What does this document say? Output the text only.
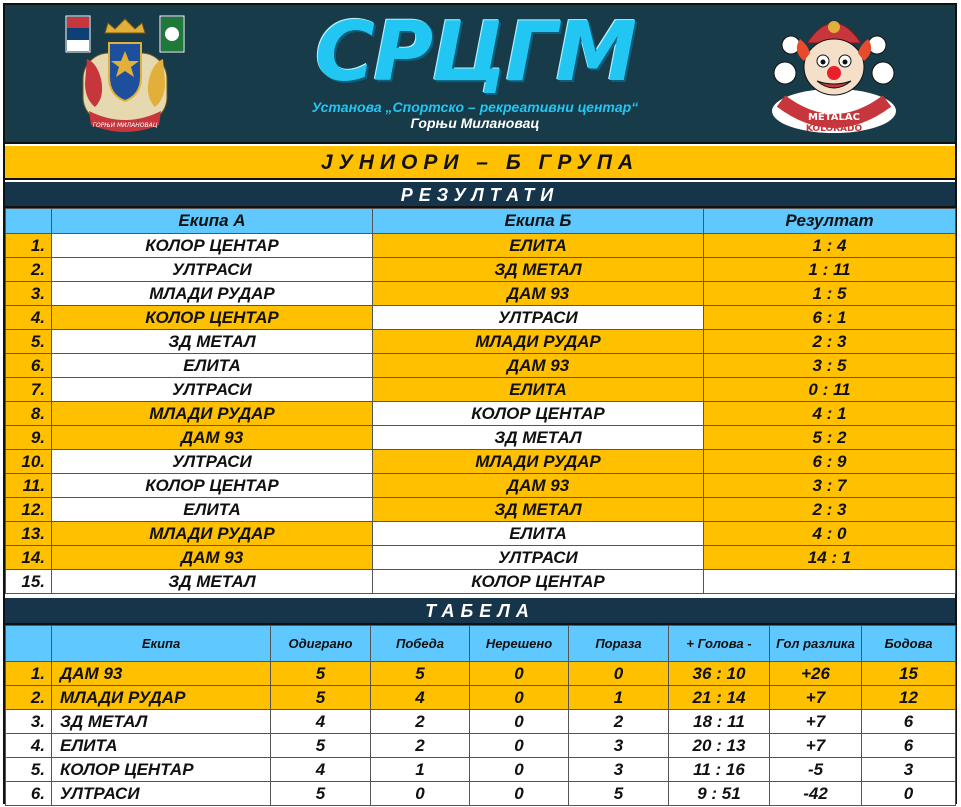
ГОРЊИ МИЛАНОВАЦ
СРЦГМ
Установа „Спортско – рекреативни центар“
Горњи Милановац	METALAC
KOLORADO
ЈУНИОРИ – Б ГРУПА
РЕЗУЛТАТИ
	Екипа А	Екипа Б	Резултат
1.	КОЛОР ЦЕНТАР	ЕЛИТА	1 : 4
2.	УЛТРАСИ	ЗД МЕТАЛ	1 : 11
3.	МЛАДИ РУДАР	ДАМ 93	1 : 5
4.	КОЛОР ЦЕНТАР	УЛТРАСИ	6 : 1
5.	ЗД МЕТАЛ	МЛАДИ РУДАР	2 : 3
6.	ЕЛИТА	ДАМ 93	3 : 5
7.	УЛТРАСИ	ЕЛИТА	0 : 11
8.	МЛАДИ РУДАР	КОЛОР ЦЕНТАР	4 : 1
9.	ДАМ 93	ЗД МЕТАЛ	5 : 2
10.	УЛТРАСИ	МЛАДИ РУДАР	6 : 9
11.	КОЛОР ЦЕНТАР	ДАМ 93	3 : 7
12.	ЕЛИТА	ЗД МЕТАЛ	2 : 3
13.	МЛАДИ РУДАР	ЕЛИТА	4 : 0
14.	ДАМ 93	УЛТРАСИ	14 : 1
15.	ЗД МЕТАЛ	КОЛОР ЦЕНТАР	
ТАБЕЛА
	Екипа	Одиграно	Победа	Нерешено	Пораза	+ Голова -	Гол разлика	Бодова
1.	ДАМ 93	5	5	0	0	36 : 10	+26	15
2.	МЛАДИ РУДАР	5	4	0	1	21 : 14	+7	12
3.	ЗД МЕТАЛ	4	2	0	2	18 : 11	+7	6
4.	ЕЛИТА	5	2	0	3	20 : 13	+7	6
5.	КОЛОР ЦЕНТАР	4	1	0	3	11 : 16	-5	3
6.	УЛТРАСИ	5	0	0	5	9 : 51	-42	0
